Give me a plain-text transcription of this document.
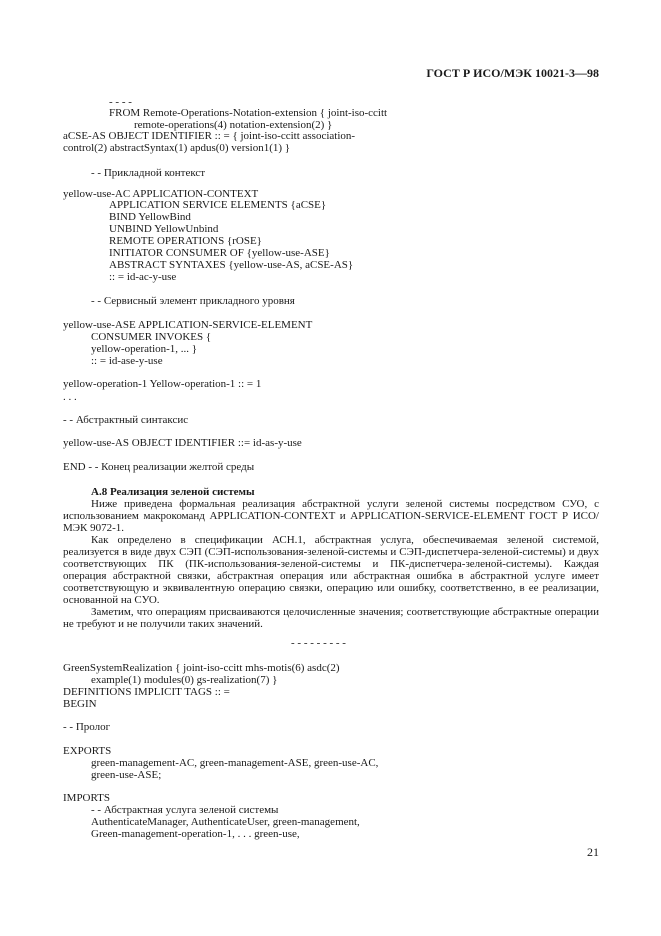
ГОСТ Р ИСО/МЭК 10021-3—98
- - - -
FROM Remote-Operations-Notation-extension { joint-iso-ccitt
remote-operations(4) notation-extension(2) }
aCSE-AS OBJECT IDENTIFIER :: = { joint-iso-ccitt association-
control(2) abstractSyntax(1) apdus(0) version1(1) }
- - Прикладной контекст
yellow-use-AC APPLICATION-CONTEXT
APPLICATION SERVICE ELEMENTS {aCSE}
BIND YellowBind
UNBIND YellowUnbind
REMOTE OPERATIONS {rOSE}
INITIATOR CONSUMER OF {yellow-use-ASE}
ABSTRACT SYNTAXES {yellow-use-AS, aCSE-AS}
:: = id-ac-y-use
- - Сервисный элемент прикладного уровня
yellow-use-ASE APPLICATION-SERVICE-ELEMENT
CONSUMER INVOKES {
yellow-operation-1, ... }
:: = id-ase-y-use
yellow-operation-1 Yellow-operation-1 :: = 1
. . .
- - Абстрактный синтаксис
yellow-use-AS OBJECT IDENTIFIER ::= id-as-y-use
END - - Конец реализации желтой среды

А.8 Реализация зеленой системы

Ниже приведена формальная реализация абстрактной услуги зеленой системы посредством СУО, с использованием макрокоманд APPLICATION-CONTEXT и APPLICATION-SERVICE-ELEMENT ГОСТ Р ИСО/МЭК 9072-1.

Как определено в спецификации АСН.1, абстрактная услуга, обеспечиваемая зеленой системой, реализуется в виде двух СЭП (СЭП-использования-зеленой-системы и СЭП-диспетчера-зеленой-системы) и двух соответствующих ПК (ПК-использования-зеленой-системы и ПК-диспетчера-зеленой-системы). Каждая операция абстрактной связки, абстрактная операция или абстрактная ошибка в абстрактной услуге имеет соответствующую и эквивалентную операцию связки, операцию или ошибку, соответственно, в ее реализации, основанной на СУО.

Заметим, что операциям присваиваются целочисленные значения; соответствующие абстрактные операции не требуют и не получили таких значений.

- - - - - - - - -
GreenSystemRealization { joint-iso-ccitt mhs-motis(6) asdc(2)
example(1) modules(0) gs-realization(7) }
DEFINITIONS IMPLICIT TAGS :: =
BEGIN
- - Пролог
EXPORTS
green-management-AC, green-management-ASE, green-use-AC,
green-use-ASE;
IMPORTS
- - Абстрактная услуга зеленой системы
AuthenticateManager, AuthenticateUser, green-management,
Green-management-operation-1, . . . green-use,
21
